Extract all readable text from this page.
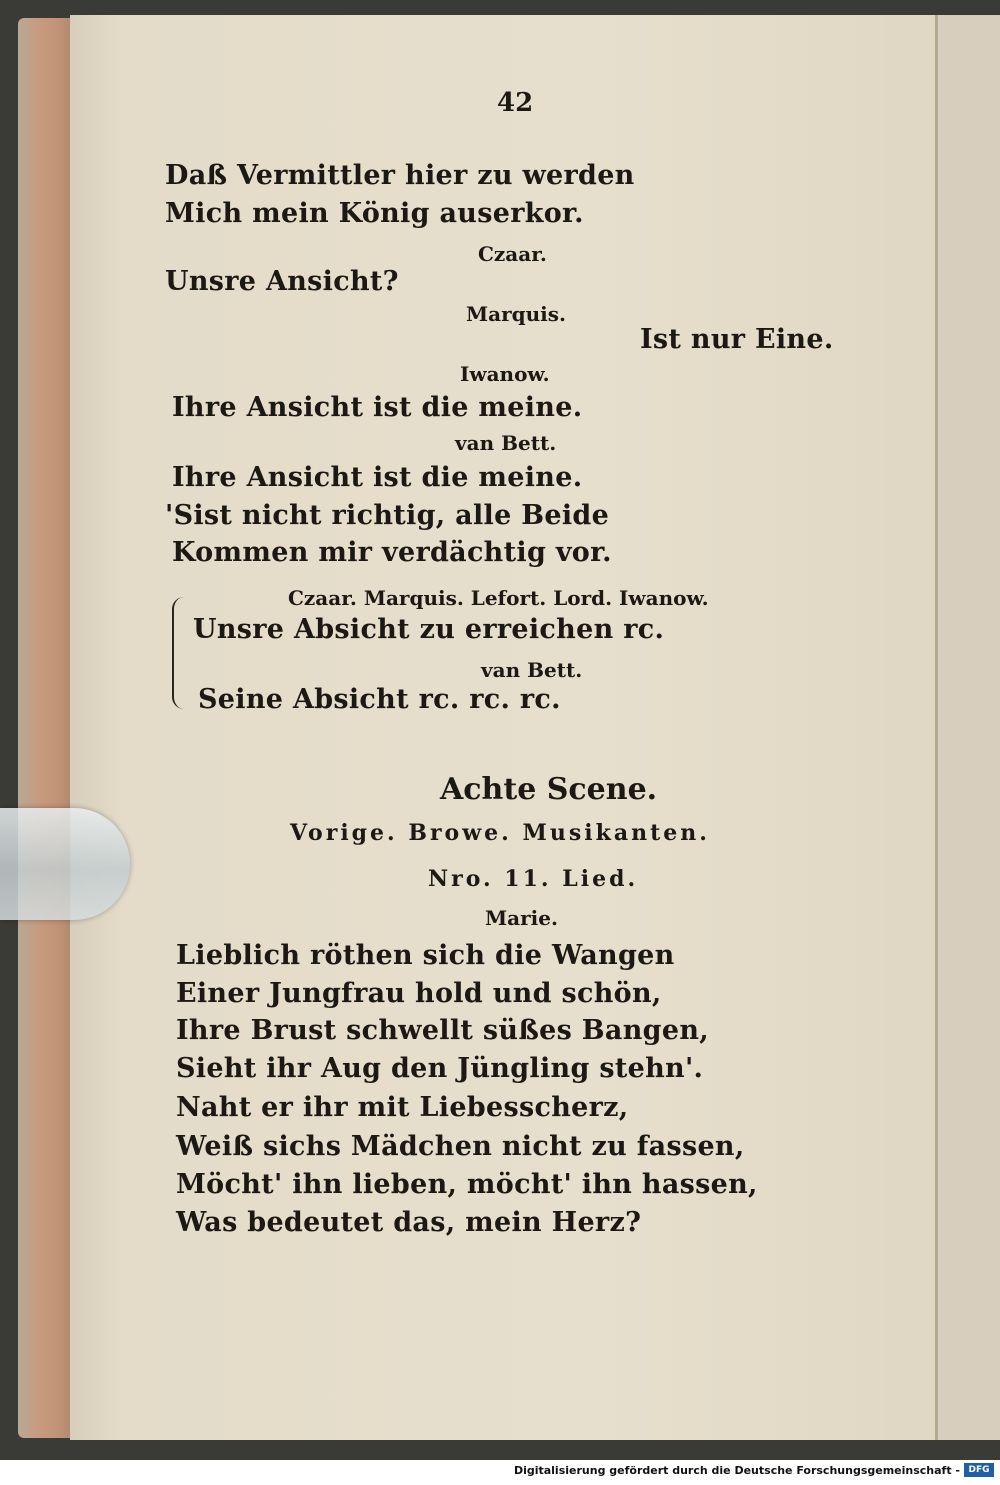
42
Daß Vermittler hier zu werden
Mich mein König auserkor.
Czaar.
Unsre Ansicht?
Marquis.
Ist nur Eine.
Iwanow.
Ihre Ansicht ist die meine.
van Bett.
Ihre Ansicht ist die meine.
'Sist nicht richtig, alle Beide
Kommen mir verdächtig vor.
Czaar. Marquis. Lefort. Lord. Iwanow.
Unsre Absicht zu erreichen rc.
van Bett.
Seine Absicht rc. rc. rc.
Achte Scene.
Vorige. Browe. Musikanten.
Nro. 11. Lied.
Marie.
Lieblich röthen sich die Wangen
Einer Jungfrau hold und schön,
Ihre Brust schwellt süßes Bangen,
Sieht ihr Aug den Jüngling stehn'.
Naht er ihr mit Liebesscherz,
Weiß sichs Mädchen nicht zu fassen,
Möcht' ihn lieben, möcht' ihn hassen,
Was bedeutet das, mein Herz?
Digitalisierung gefördert durch die Deutsche Forschungsgemeinschaft - DFG
